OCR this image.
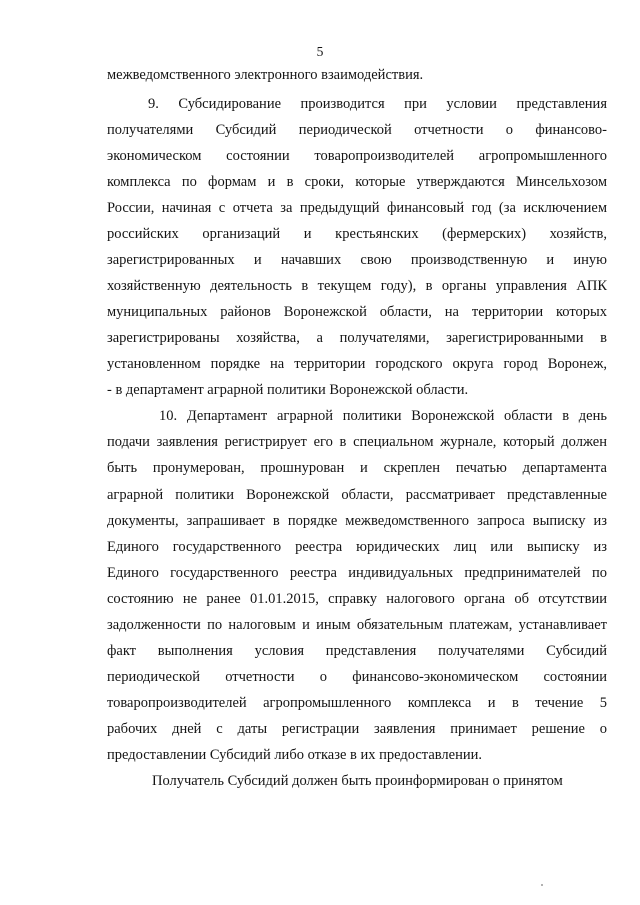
5
межведомственного электронного взаимодействия.
9. Субсидирование производится при условии представления
получателями Субсидий периодической отчетности о финансово-
экономическом состоянии товаропроизводителей агропромышленного
комплекса по формам и в сроки, которые утверждаются Минсельхозом
России, начиная с отчета за предыдущий финансовый год (за исключением
российских организаций и крестьянских (фермерских) хозяйств,
зарегистрированных и начавших свою производственную и иную
хозяйственную деятельность в текущем году), в органы управления АПК
муниципальных районов Воронежской области, на территории которых
зарегистрированы хозяйства, а получателями, зарегистрированными в
установленном порядке на территории городского округа город Воронеж,
- в департамент аграрной политики Воронежской области.
10. Департамент аграрной политики Воронежской области в день
подачи заявления регистрирует его в специальном журнале, который должен
быть пронумерован, прошнурован и скреплен печатью департамента
аграрной политики Воронежской области, рассматривает представленные
документы, запрашивает в порядке межведомственного запроса выписку из
Единого государственного реестра юридических лиц или выписку из
Единого государственного реестра индивидуальных предпринимателей по
состоянию не ранее 01.01.2015, справку налогового органа об отсутствии
задолженности по налоговым и иным обязательным платежам, устанавливает
факт выполнения условия представления получателями Субсидий
периодической отчетности о финансово-экономическом состоянии
товаропроизводителей агропромышленного комплекса и в течение 5
рабочих дней с даты регистрации заявления принимает решение о
предоставлении Субсидий либо отказе в их предоставлении.
Получатель Субсидий должен быть проинформирован о принятом
